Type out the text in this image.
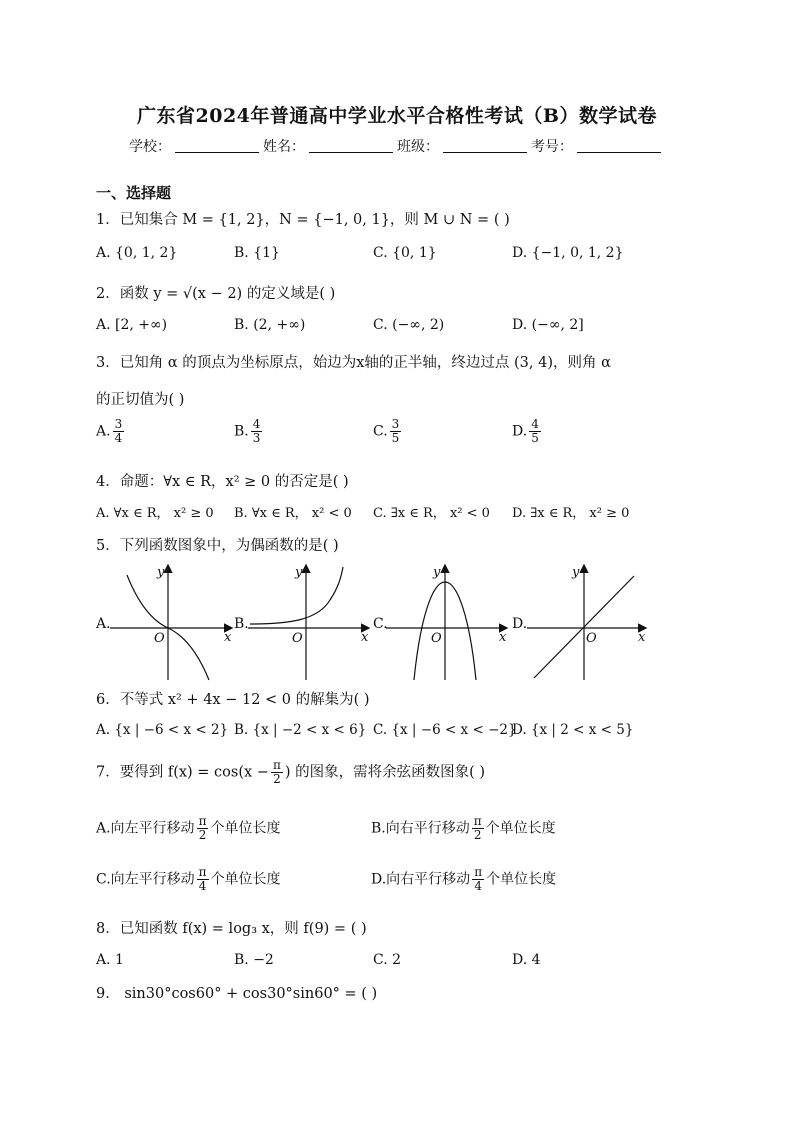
广东省2024年普通高中学业水平合格性考试（B）数学试卷
学校：	姓名：	班级：	考号：
一、选择题
1．已知集合 M = {1, 2}，N = {−1, 0, 1}，则 M ∪ N = ( )
A. {0, 1, 2}	B. {1}	C. {0, 1}	D. {−1, 0, 1, 2}
2．函数 y = √(x − 2) 的定义域是( )
A. [2, +∞)	B. (2, +∞)	C. (−∞, 2)	D. (−∞, 2]
3．已知角 α 的顶点为坐标原点，始边为x轴的正半轴，终边过点 (3, 4)，则角 α
的正切值为( )
A. $\frac{3}{4}$	B. $\frac{4}{3}$	C. $\frac{3}{5}$	D. $\frac{4}{5}$
4．命题：∀x ∈ R，x² ≥ 0 的否定是( )
A. ∀x ∈ R， x² ≥ 0 B. ∀x ∈ R， x² < 0 C. ∃x ∈ R， x² < 0 D. ∃x ∈ R， x² ≥ 0
5．下列函数图象中，为偶函数的是( )
A.	B.	C.	D.
y
x
O
y
x
O
y
x
O
y
x
O
6．不等式 x² + 4x − 12 < 0 的解集为( )
A. {x | −6 < x < 2} B. {x | −2 < x < 6} C. {x | −6 < x < −2}
D. {x | 2 < x < 5}
7．要得到 $f(x) = \cos(x - \frac{\pi}{2}$ ) 的图象，需将余弦函数图象( )
A.向左平行移动 $\frac{\pi}{2}$ 个单位长度	B.向右平行移动 $\frac{\pi}{2}$ 个单位长度
C.向左平行移动 $\frac{\pi}{4}$ 个单位长度	D.向右平行移动 $\frac{\pi}{4}$ 个单位长度
8．已知函数 f(x) = log₃ x，则 f(9) = ( )
A. 1	B. −2	C. 2	D. 4
9． sin30°cos60° + cos30°sin60° = ( )
